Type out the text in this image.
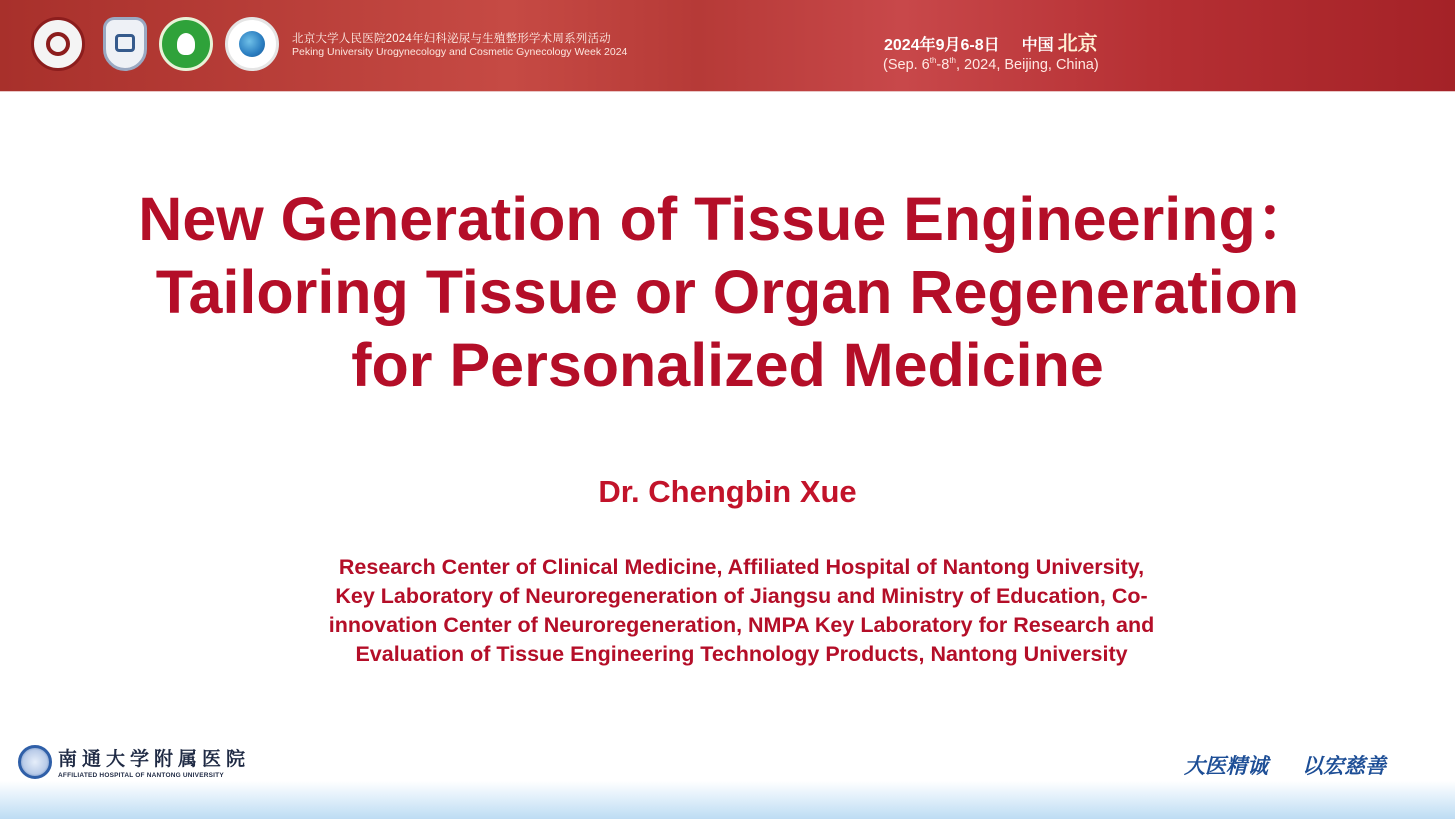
北京大学人民医院2024年妇科泌尿与生殖整形学术周系列活动
Peking University Urogynecology and Cosmetic Gynecology Week 2024	2024年9月6-8日 中国 北京
(Sep. 6th-8th, 2024, Beijing, China)
New Generation of Tissue Engineering：
Tailoring Tissue or Organ Regeneration
for Personalized Medicine
Dr. Chengbin Xue
Research Center of Clinical Medicine, Affiliated Hospital of Nantong University,
Key Laboratory of Neuroregeneration of Jiangsu and Ministry of Education, Co-
innovation Center of Neuroregeneration, NMPA Key Laboratory for Research and
Evaluation of Tissue Engineering Technology Products, Nantong University
南通大学附属医院
AFFILIATED HOSPITAL OF NANTONG UNIVERSITY	大医精诚 以宏慈善
